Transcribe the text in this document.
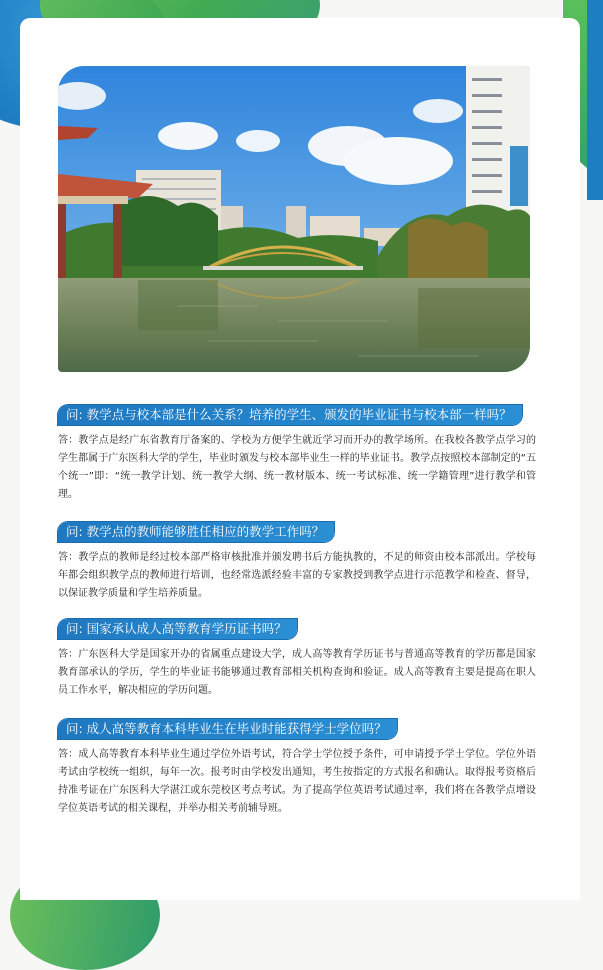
问: 教学点与校本部是什么关系？培养的学生、颁发的毕业证书与校本部一样吗？

答：教学点是经广东省教育厅备案的、学校为方便学生就近学习而开办的教学场所。在我校各教学点学习的学生都属于广东医科大学的学生，毕业时颁发与校本部毕业生一样的毕业证书。教学点按照校本部制定的“五个统一”即：“统一教学计划、统一教学大纲、统一教材版本、统一考试标准、统一学籍管理”进行教学和管理。

问: 教学点的教师能够胜任相应的教学工作吗？

答：教学点的教师是经过校本部严格审核批准并颁发聘书后方能执教的，不足的师资由校本部派出。学校每年都会组织教学点的教师进行培训，也经常选派经验丰富的专家教授到教学点进行示范教学和检查、督导，以保证教学质量和学生培养质量。

问: 国家承认成人高等教育学历证书吗？

答：广东医科大学是国家开办的省属重点建设大学，成人高等教育学历证书与普通高等教育的学历都是国家教育部承认的学历，学生的毕业证书能够通过教育部相关机构查询和验证。成人高等教育主要是提高在职人员工作水平，解决相应的学历问题。

问: 成人高等教育本科毕业生在毕业时能获得学士学位吗？

答：成人高等教育本科毕业生通过学位外语考试，符合学士学位授予条件，可申请授予学士学位。学位外语考试由学校统一组织，每年一次。报考时由学校发出通知，考生按指定的方式报名和确认。取得报考资格后持准考证在广东医科大学湛江或东莞校区考点考试。为了提高学位英语考试通过率，我们将在各教学点增设学位英语考试的相关课程，并举办相关考前辅导班。
